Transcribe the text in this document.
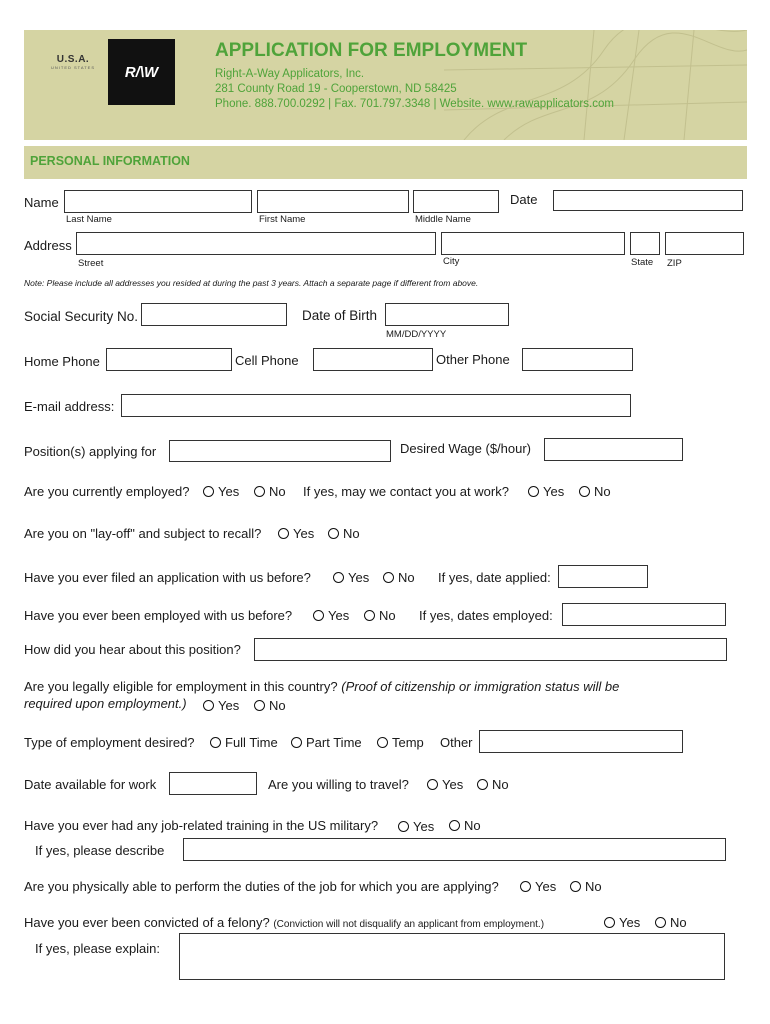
U.S.A.
UNITED STATES	R/\W
APPLICATION FOR EMPLOYMENT
Right-A-Way Applicators, Inc.
281 County Road 19 - Cooperstown, ND 58425
Phone. 888.700.0292 | Fax. 701.797.3348 | Website. www.rawapplicators.com
PERSONAL INFORMATION
Name	Date
Last Name	First Name	Middle Name
Address
Street	City	State ZIP
Note: Please include all addresses you resided at during the past 3 years. Attach a separate page if different from above.
Social Security No.	Date of Birth
MM/DD/YYYY
Home Phone	Cell Phone	Other Phone
E-mail address:
Position(s) applying for	Desired Wage ($/hour)
Are you currently employed?	Yes	No If yes, may we contact you at work?	Yes	No
Are you on "lay-off" and subject to recall?	Yes	No
Have you ever filed an application with us before?	Yes	No If yes, date applied:
Have you ever been employed with us before?	Yes	No If yes, dates employed:
How did you hear about this position?
Are you legally eligible for employment in this country? (Proof of citizenship or immigration status will be
required upon employment.)	Yes	No
Type of employment desired?	Full Time	Part Time	Temp Other
Date available for work	Are you willing to travel?	Yes	No
Have you ever had any job-related training in the US military?	Yes	No
If yes, please describe
Are you physically able to perform the duties of the job for which you are applying?	Yes	No
Have you ever been convicted of a felony? (Conviction will not disqualify an applicant from employment.)	Yes	No
If yes, please explain:
